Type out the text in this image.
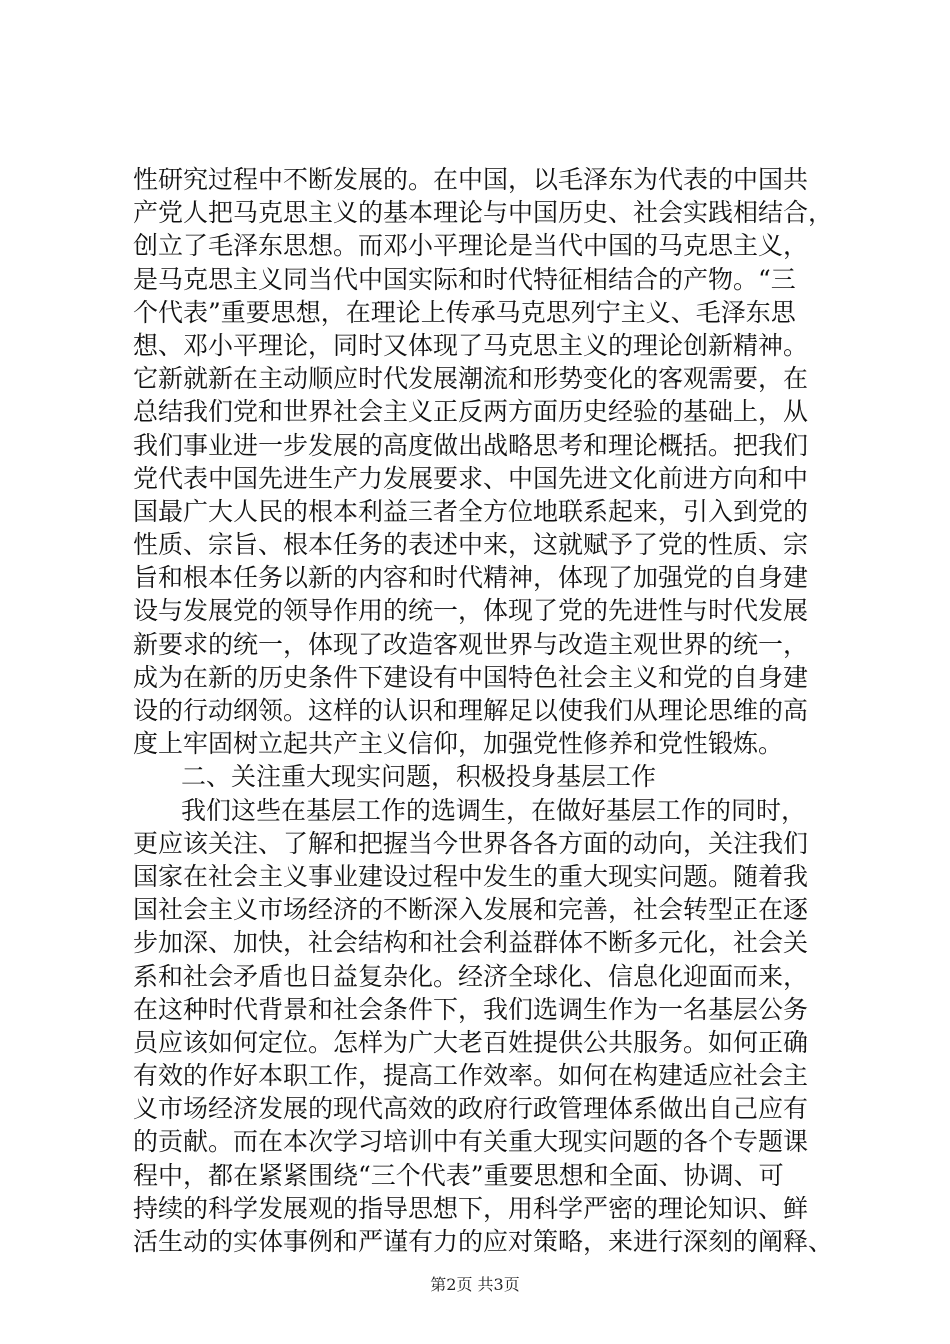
性研究过程中不断发展的。在中国，以毛泽东为代表的中国共
产党人把马克思主义的基本理论与中国历史、社会实践相结合，
创立了毛泽东思想。而邓小平理论是当代中国的马克思主义，
是马克思主义同当代中国实际和时代特征相结合的产物。“三
个代表”重要思想，在理论上传承马克思列宁主义、毛泽东思
想、邓小平理论，同时又体现了马克思主义的理论创新精神。
它新就新在主动顺应时代发展潮流和形势变化的客观需要，在
总结我们党和世界社会主义正反两方面历史经验的基础上，从
我们事业进一步发展的高度做出战略思考和理论概括。把我们
党代表中国先进生产力发展要求、中国先进文化前进方向和中
国最广大人民的根本利益三者全方位地联系起来，引入到党的
性质、宗旨、根本任务的表述中来，这就赋予了党的性质、宗
旨和根本任务以新的内容和时代精神，体现了加强党的自身建
设与发展党的领导作用的统一，体现了党的先进性与时代发展
新要求的统一，体现了改造客观世界与改造主观世界的统一，
成为在新的历史条件下建设有中国特色社会主义和党的自身建
设的行动纲领。这样的认识和理解足以使我们从理论思维的高
度上牢固树立起共产主义信仰，加强党性修养和党性锻炼。
二、关注重大现实问题，积极投身基层工作
我们这些在基层工作的选调生，在做好基层工作的同时，
更应该关注、了解和把握当今世界各各方面的动向，关注我们
国家在社会主义事业建设过程中发生的重大现实问题。随着我
国社会主义市场经济的不断深入发展和完善，社会转型正在逐
步加深、加快，社会结构和社会利益群体不断多元化，社会关
系和社会矛盾也日益复杂化。经济全球化、信息化迎面而来，
在这种时代背景和社会条件下，我们选调生作为一名基层公务
员应该如何定位。怎样为广大老百姓提供公共服务。如何正确
有效的作好本职工作，提高工作效率。如何在构建适应社会主
义市场经济发展的现代高效的政府行政管理体系做出自己应有
的贡献。而在本次学习培训中有关重大现实问题的各个专题课
程中，都在紧紧围绕“三个代表”重要思想和全面、协调、可
持续的科学发展观的指导思想下，用科学严密的理论知识、鲜
活生动的实体事例和严谨有力的应对策略，来进行深刻的阐释、
第2页 共3页
